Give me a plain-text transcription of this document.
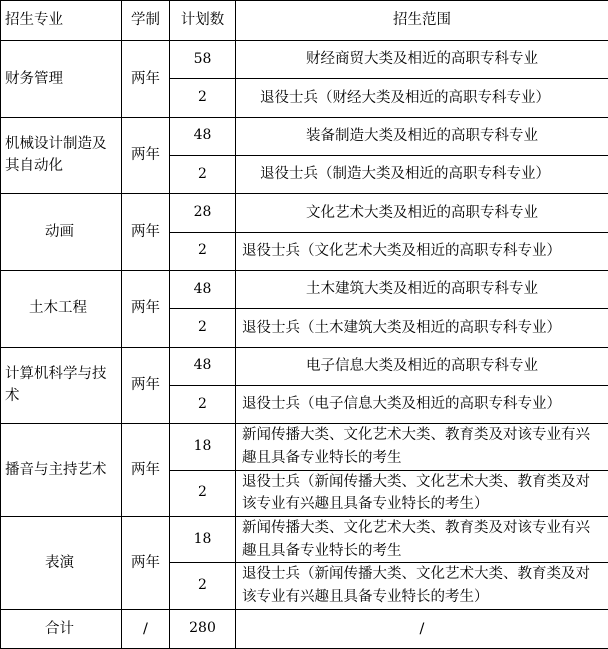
招生专业	学制	计划数	招生范围
财务管理	两年	58	财经商贸大类及相近的高职专科专业
		2	退役士兵（财经大类及相近的高职专科专业）
机械设计制造及其自动化	两年	48	装备制造大类及相近的高职专科专业
		2	退役士兵（制造大类及相近的高职专科专业）
动画	两年	28	文化艺术大类及相近的高职专科专业
		2	退役士兵（文化艺术大类及相近的高职专科专业）
土木工程	两年	48	土木建筑大类及相近的高职专科专业
		2	退役士兵（土木建筑大类及相近的高职专科专业）
计算机科学与技术	两年	48	电子信息大类及相近的高职专科专业
		2	退役士兵（电子信息大类及相近的高职专科专业）
播音与主持艺术	两年	18	新闻传播大类、文化艺术大类、教育类及对该专业有兴趣且具备专业特长的考生
		2	退役士兵（新闻传播大类、文化艺术大类、教育类及对该专业有兴趣且具备专业特长的考生）
表演	两年	18	新闻传播大类、文化艺术大类、教育类及对该专业有兴趣且具备专业特长的考生
		2	退役士兵（新闻传播大类、文化艺术大类、教育类及对该专业有兴趣且具备专业特长的考生）
合计	/	280	/
